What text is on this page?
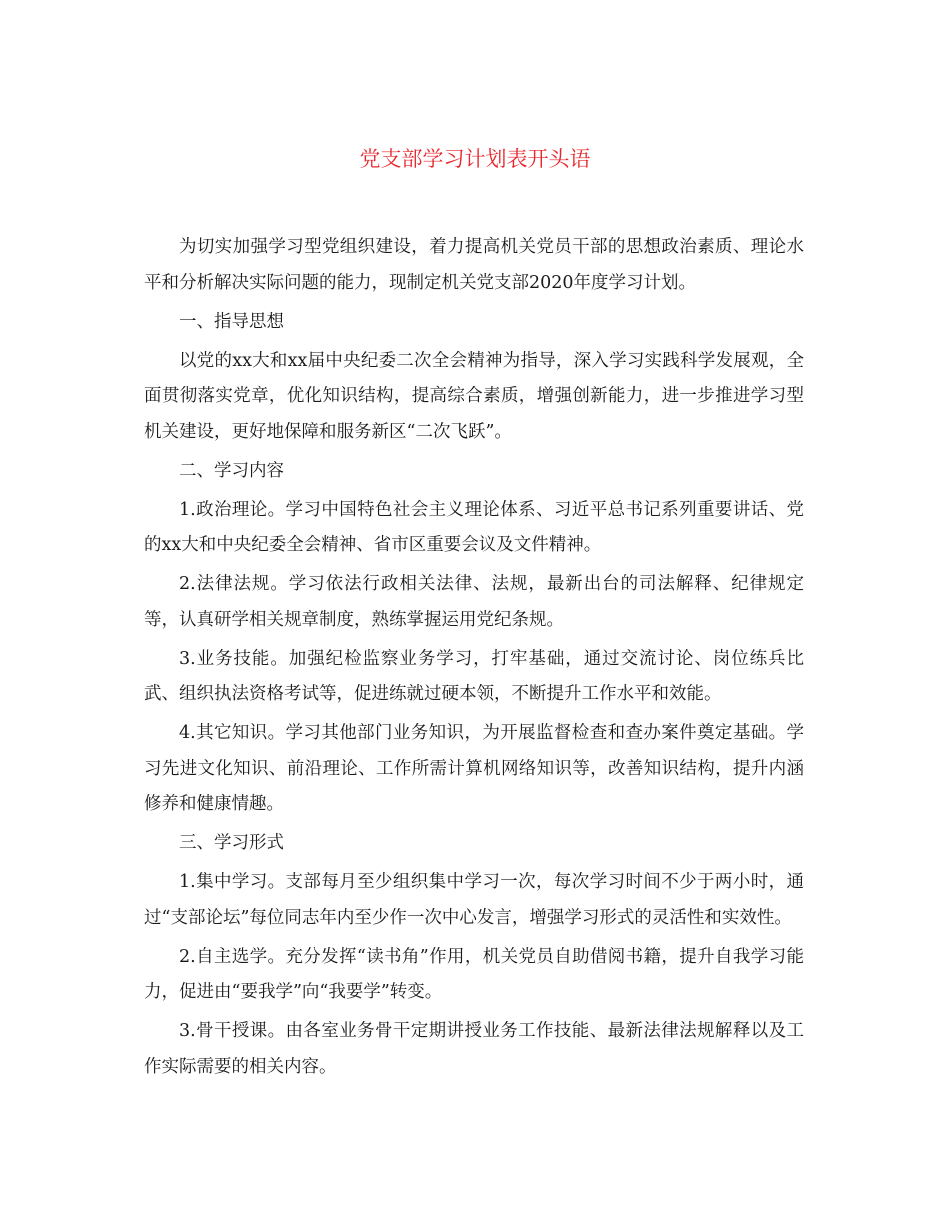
党支部学习计划表开头语

为切实加强学习型党组织建设，着力提高机关党员干部的思想政治素质、理论水平和分析解决实际问题的能力，现制定机关党支部2020年度学习计划。

一、指导思想

以党的xx大和xx届中央纪委二次全会精神为指导，深入学习实践科学发展观，全面贯彻落实党章，优化知识结构，提高综合素质，增强创新能力，进一步推进学习型机关建设，更好地保障和服务新区“二次飞跃”。

二、学习内容

1.政治理论。学习中国特色社会主义理论体系、习近平总书记系列重要讲话、党的xx大和中央纪委全会精神、省市区重要会议及文件精神。

2.法律法规。学习依法行政相关法律、法规，最新出台的司法解释、纪律规定等，认真研学相关规章制度，熟练掌握运用党纪条规。

3.业务技能。加强纪检监察业务学习，打牢基础，通过交流讨论、岗位练兵比武、组织执法资格考试等，促进练就过硬本领，不断提升工作水平和效能。

4.其它知识。学习其他部门业务知识，为开展监督检查和查办案件奠定基础。学习先进文化知识、前沿理论、工作所需计算机网络知识等，改善知识结构，提升内涵修养和健康情趣。

三、学习形式

1.集中学习。支部每月至少组织集中学习一次，每次学习时间不少于两小时，通过“支部论坛”每位同志年内至少作一次中心发言，增强学习形式的灵活性和实效性。

2.自主选学。充分发挥“读书角”作用，机关党员自助借阅书籍，提升自我学习能力，促进由“要我学”向“我要学”转变。

3.骨干授课。由各室业务骨干定期讲授业务工作技能、最新法律法规解释以及工作实际需要的相关内容。
